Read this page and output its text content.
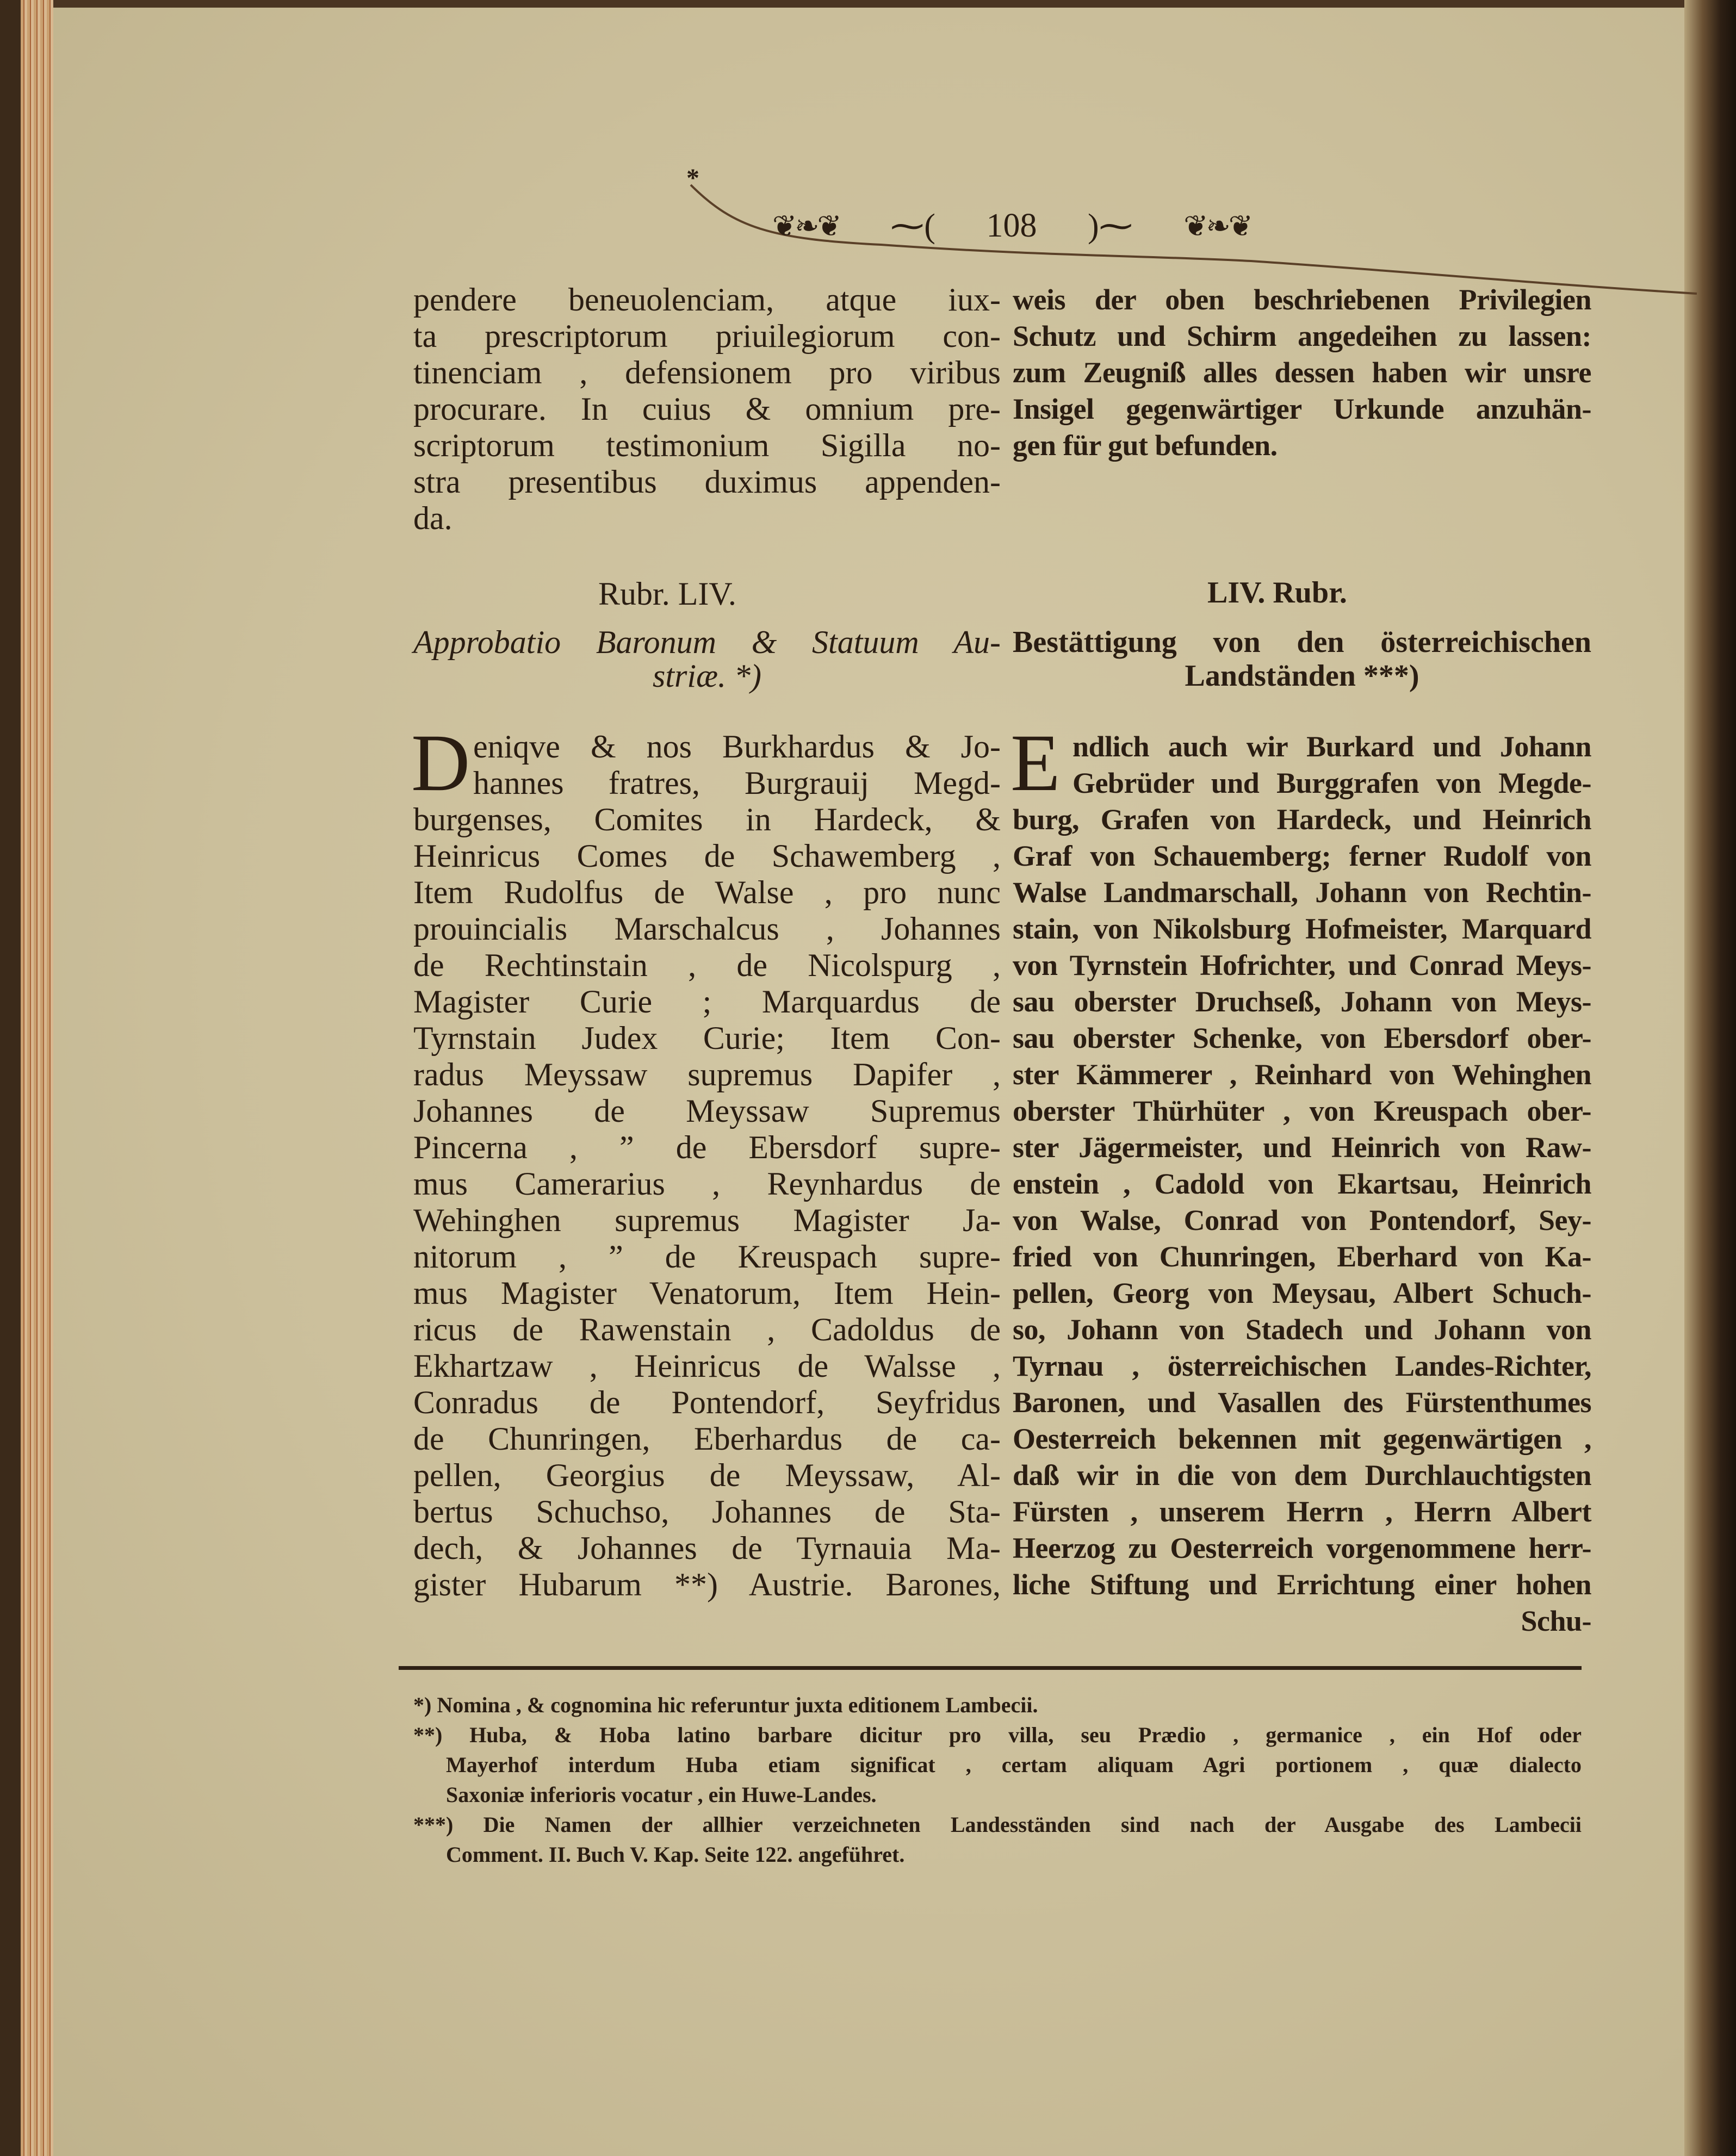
*
❦❧❦ ⁓( 108 )⁓ ❦❧❦
pendere beneuolenciam, atque iux-
ta prescriptorum priuilegiorum con-
tinenciam , defensionem pro viribus
procurare. In cuius & omnium pre-
scriptorum testimonium Sigilla no-
stra presentibus duximus appenden-
da.
Rubr. LIV.
Approbatio Baronum & Statuum Au-
striæ. *)
D eniqve & nos Burkhardus & Jo-
hannes fratres, Burgrauij Megd-
burgenses, Comites in Hardeck, &
Heinricus Comes de Schawemberg ,
Item Rudolfus de Walse , pro nunc
prouincialis Marschalcus , Johannes
de Rechtinstain , de Nicolspurg ,
Magister Curie ; Marquardus de
Tyrnstain Judex Curie; Item Con-
radus Meyssaw supremus Dapifer ,
Johannes de Meyssaw Supremus
Pincerna , ” de Ebersdorf supre-
mus Camerarius , Reynhardus de
Wehinghen supremus Magister Ja-
nitorum , ” de Kreuspach supre-
mus Magister Venatorum, Item Hein-
ricus de Rawenstain , Cadoldus de
Ekhartzaw , Heinricus de Walsse ,
Conradus de Pontendorf, Seyfridus
de Chunringen, Eberhardus de ca-
pellen, Georgius de Meyssaw, Al-
bertus Schuchso, Johannes de Sta-
dech, & Johannes de Tyrnauia Ma-
gister Hubarum **) Austrie. Barones,
weis der oben beschriebenen Privilegien
Schutz und Schirm angedeihen zu lassen:
zum Zeugniß alles dessen haben wir unsre
Insigel gegenwärtiger Urkunde anzuhän-
gen für gut befunden.
LIV. Rubr.
Bestättigung von den österreichischen
Landständen ***)
E ndlich auch wir Burkard und Johann
Gebrüder und Burggrafen von Megde-
burg, Grafen von Hardeck, und Heinrich
Graf von Schauemberg; ferner Rudolf von
Walse Landmarschall, Johann von Rechtin-
stain, von Nikolsburg Hofmeister, Marquard
von Tyrnstein Hofrichter, und Conrad Meys-
sau oberster Druchseß, Johann von Meys-
sau oberster Schenke, von Ebersdorf ober-
ster Kämmerer , Reinhard von Wehinghen
oberster Thürhüter , von Kreuspach ober-
ster Jägermeister, und Heinrich von Raw-
enstein , Cadold von Ekartsau, Heinrich
von Walse, Conrad von Pontendorf, Sey-
fried von Chunringen, Eberhard von Ka-
pellen, Georg von Meysau, Albert Schuch-
so, Johann von Stadech und Johann von
Tyrnau , österreichischen Landes-Richter,
Baronen, und Vasallen des Fürstenthumes
Oesterreich bekennen mit gegenwärtigen ,
daß wir in die von dem Durchlauchtigsten
Fürsten , unserem Herrn , Herrn Albert
Heerzog zu Oesterreich vorgenommene herr-
liche Stiftung und Errichtung einer hohen
Schu-
*) Nomina , & cognomina hic referuntur juxta editionem Lambecii.
**) Huba, & Hoba latino barbare dicitur pro villa, seu Prædio , germanice , ein Hof oder
Mayerhof interdum Huba etiam significat , certam aliquam Agri portionem , quæ dialecto
Saxoniæ inferioris vocatur , ein Huwe-Landes.
***) Die Namen der allhier verzeichneten Landesständen sind nach der Ausgabe des Lambecii
Comment. II. Buch V. Kap. Seite 122. angeführet.
